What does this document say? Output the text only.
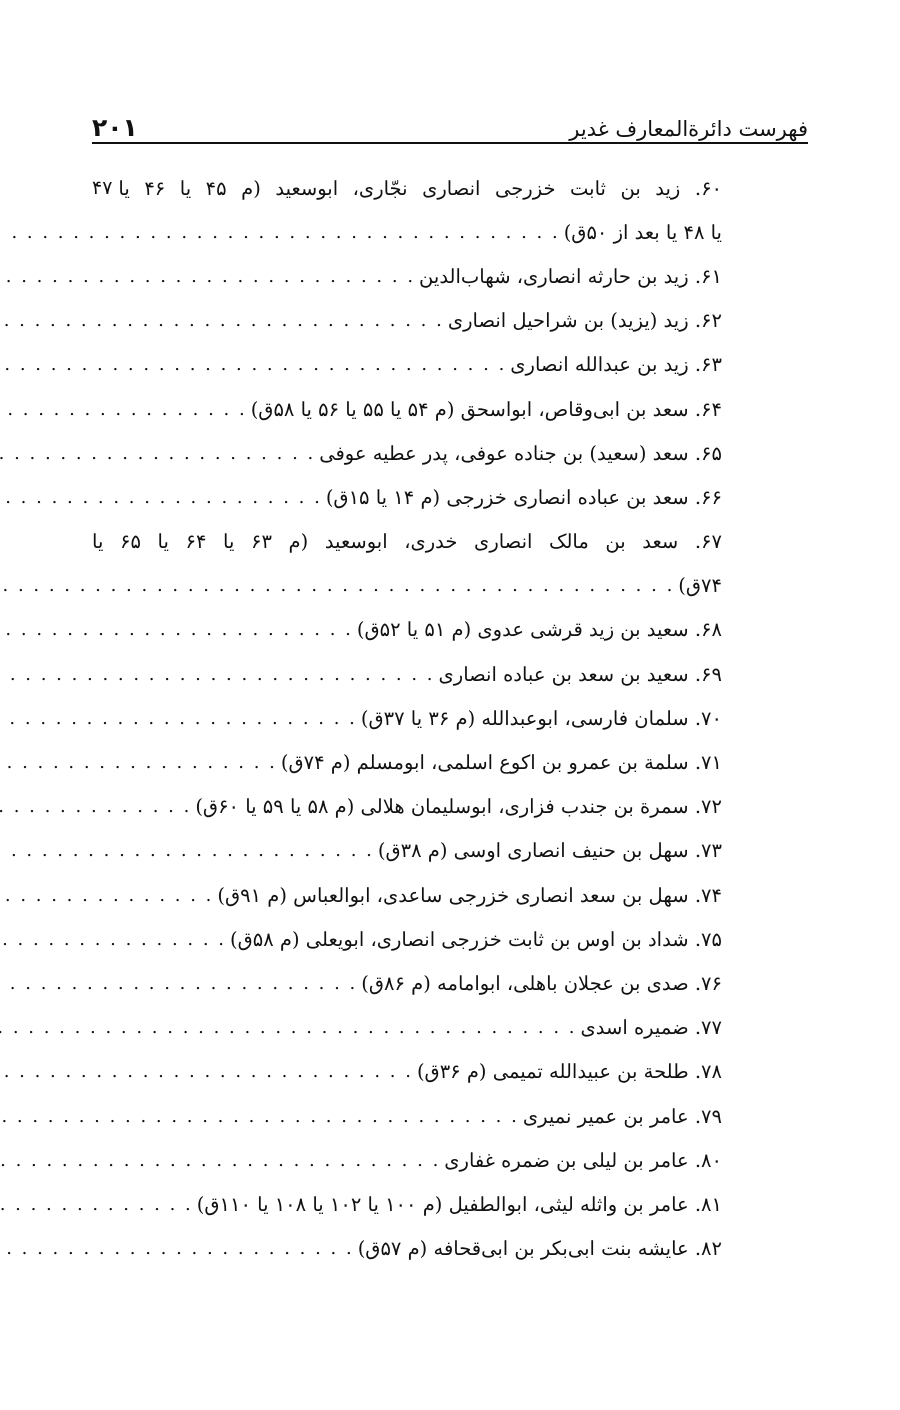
فهرست دائرةالمعارف غدیر
۲۰۱
۶۰. زید بن ثابت خزرجی انصاری نجّاری، ابوسعید (م ۴۵ یا ۴۶ یا
۴۷
یا ۴۸ یا بعد از ۵۰ق)
. . .
۶۱. زید بن حارثه انصاری، شهاب‌الدین
. . .
۶۲. زید (یزید) بن شراحیل انصاری
. . .
۶۳. زید بن عبدالله انصاری
. . .
۶۴. سعد بن ابی‌وقاص، ابواسحق (م ۵۴ یا ۵۵ یا ۵۶ یا ۵۸ق)
. . .
۶۵. سعد (سعید) بن جناده عوفی، پدر عطیه عوفی
. . .
۶۶. سعد بن عباده انصاری خزرجی (م ۱۴ یا ۱۵ق)
. . .
۶۷. سعد بن مالک انصاری خدری، ابوسعید (م ۶۳ یا ۶۴ یا ۶۵ یا
۷۴ق)
. . .
۶۸. سعید بن زید قرشی عدوی (م ۵۱ یا ۵۲ق)
. . .
۶۹. سعید بن سعد بن عباده انصاری
. . .
۷۰. سلمان فارسی، ابوعبدالله (م ۳۶ یا ۳۷ق)
. . .
۷۱. سلمة بن عمرو بن اکوع اسلمی، ابومسلم (م ۷۴ق)
. . .
۷۲. سمرة بن جندب فزاری، ابوسلیمان هلالی (م ۵۸ یا ۵۹ یا ۶۰ق)
. . .
۷۳. سهل بن حنیف انصاری اوسی (م ۳۸ق)
. . .
۷۴. سهل بن سعد انصاری خزرجی ساعدی، ابوالعباس (م ۹۱ق)
. . .
۷۵. شداد بن اوس بن ثابت خزرجی انصاری، ابویعلی (م ۵۸ق)
. . .
۷۶. صدی بن عجلان باهلی، ابوامامه (م ۸۶ق)
. . .
۷۷. ضمیره اسدی
. . .
۷۸. طلحة بن عبیدالله تمیمی (م ۳۶ق)
. . .
۷۹. عامر بن عمیر نمیری
. . .
۸۰. عامر بن لیلی بن ضمره غفاری
. . .
۸۱. عامر بن واثله لیثی، ابوالطفیل (م ۱۰۰ یا ۱۰۲ یا ۱۰۸ یا ۱۱۰ق)
. . .
۸۲. عایشه بنت ابی‌بکر بن ابی‌قحافه (م ۵۷ق)
. . .
